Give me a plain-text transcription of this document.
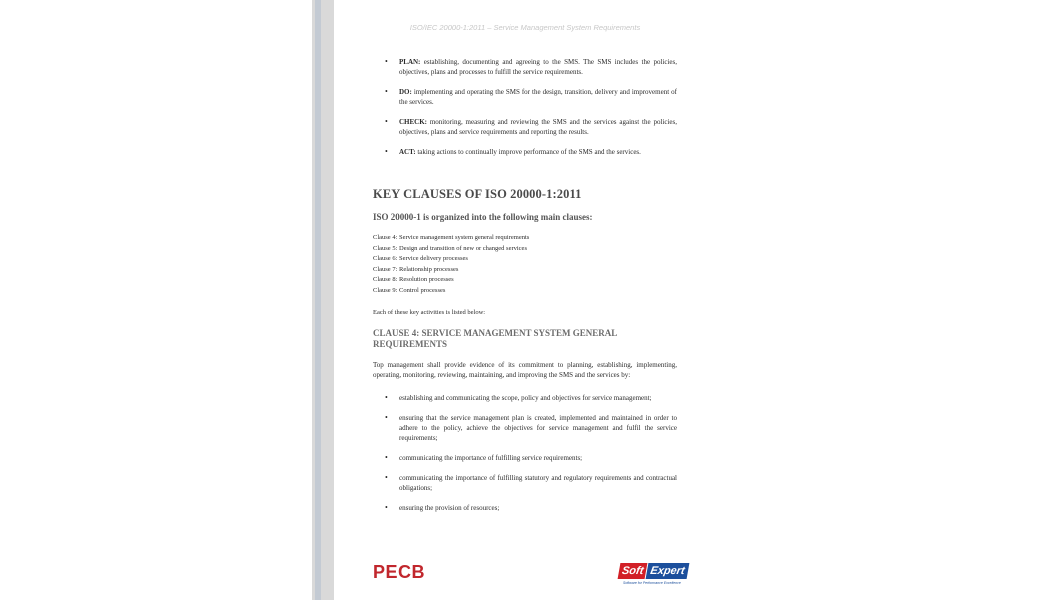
ISO/IEC 20000-1:2011 – Service Management System Requirements
• PLAN: establishing, documenting and agreeing to the SMS. The SMS includes the policies, objectives, plans and processes to fulfill the service requirements.
• DO: implementing and operating the SMS for the design, transition, delivery and improvement of the services.
• CHECK: monitoring, measuring and reviewing the SMS and the services against the policies, objectives, plans and service requirements and reporting the results.
• ACT: taking actions to continually improve performance of the SMS and the services.
KEY CLAUSES OF ISO 20000-1:2011
ISO 20000-1 is organized into the following main clauses:
Clause 4: Service management system general requirements
Clause 5: Design and transition of new or changed services
Clause 6: Service delivery processes
Clause 7: Relationship processes
Clause 8: Resolution processes
Clause 9: Control processes

Each of these key activities is listed below:

CLAUSE 4: SERVICE MANAGEMENT SYSTEM GENERAL REQUIREMENTS

Top management shall provide evidence of its commitment to planning, establishing, implementing, operating, monitoring, reviewing, maintaining, and improving the SMS and the services by:

• establishing and communicating the scope, policy and objectives for service management;
• ensuring that the service management plan is created, implemented and maintained in order to adhere to the policy, achieve the objectives for service management and fulfil the service requirements;
• communicating the importance of fulfilling service requirements;
• communicating the importance of fulfilling statutory and regulatory requirements and contractual obligations;
• ensuring the provision of resources;
PECB	Soft Expert
Software for Performance Excellence
